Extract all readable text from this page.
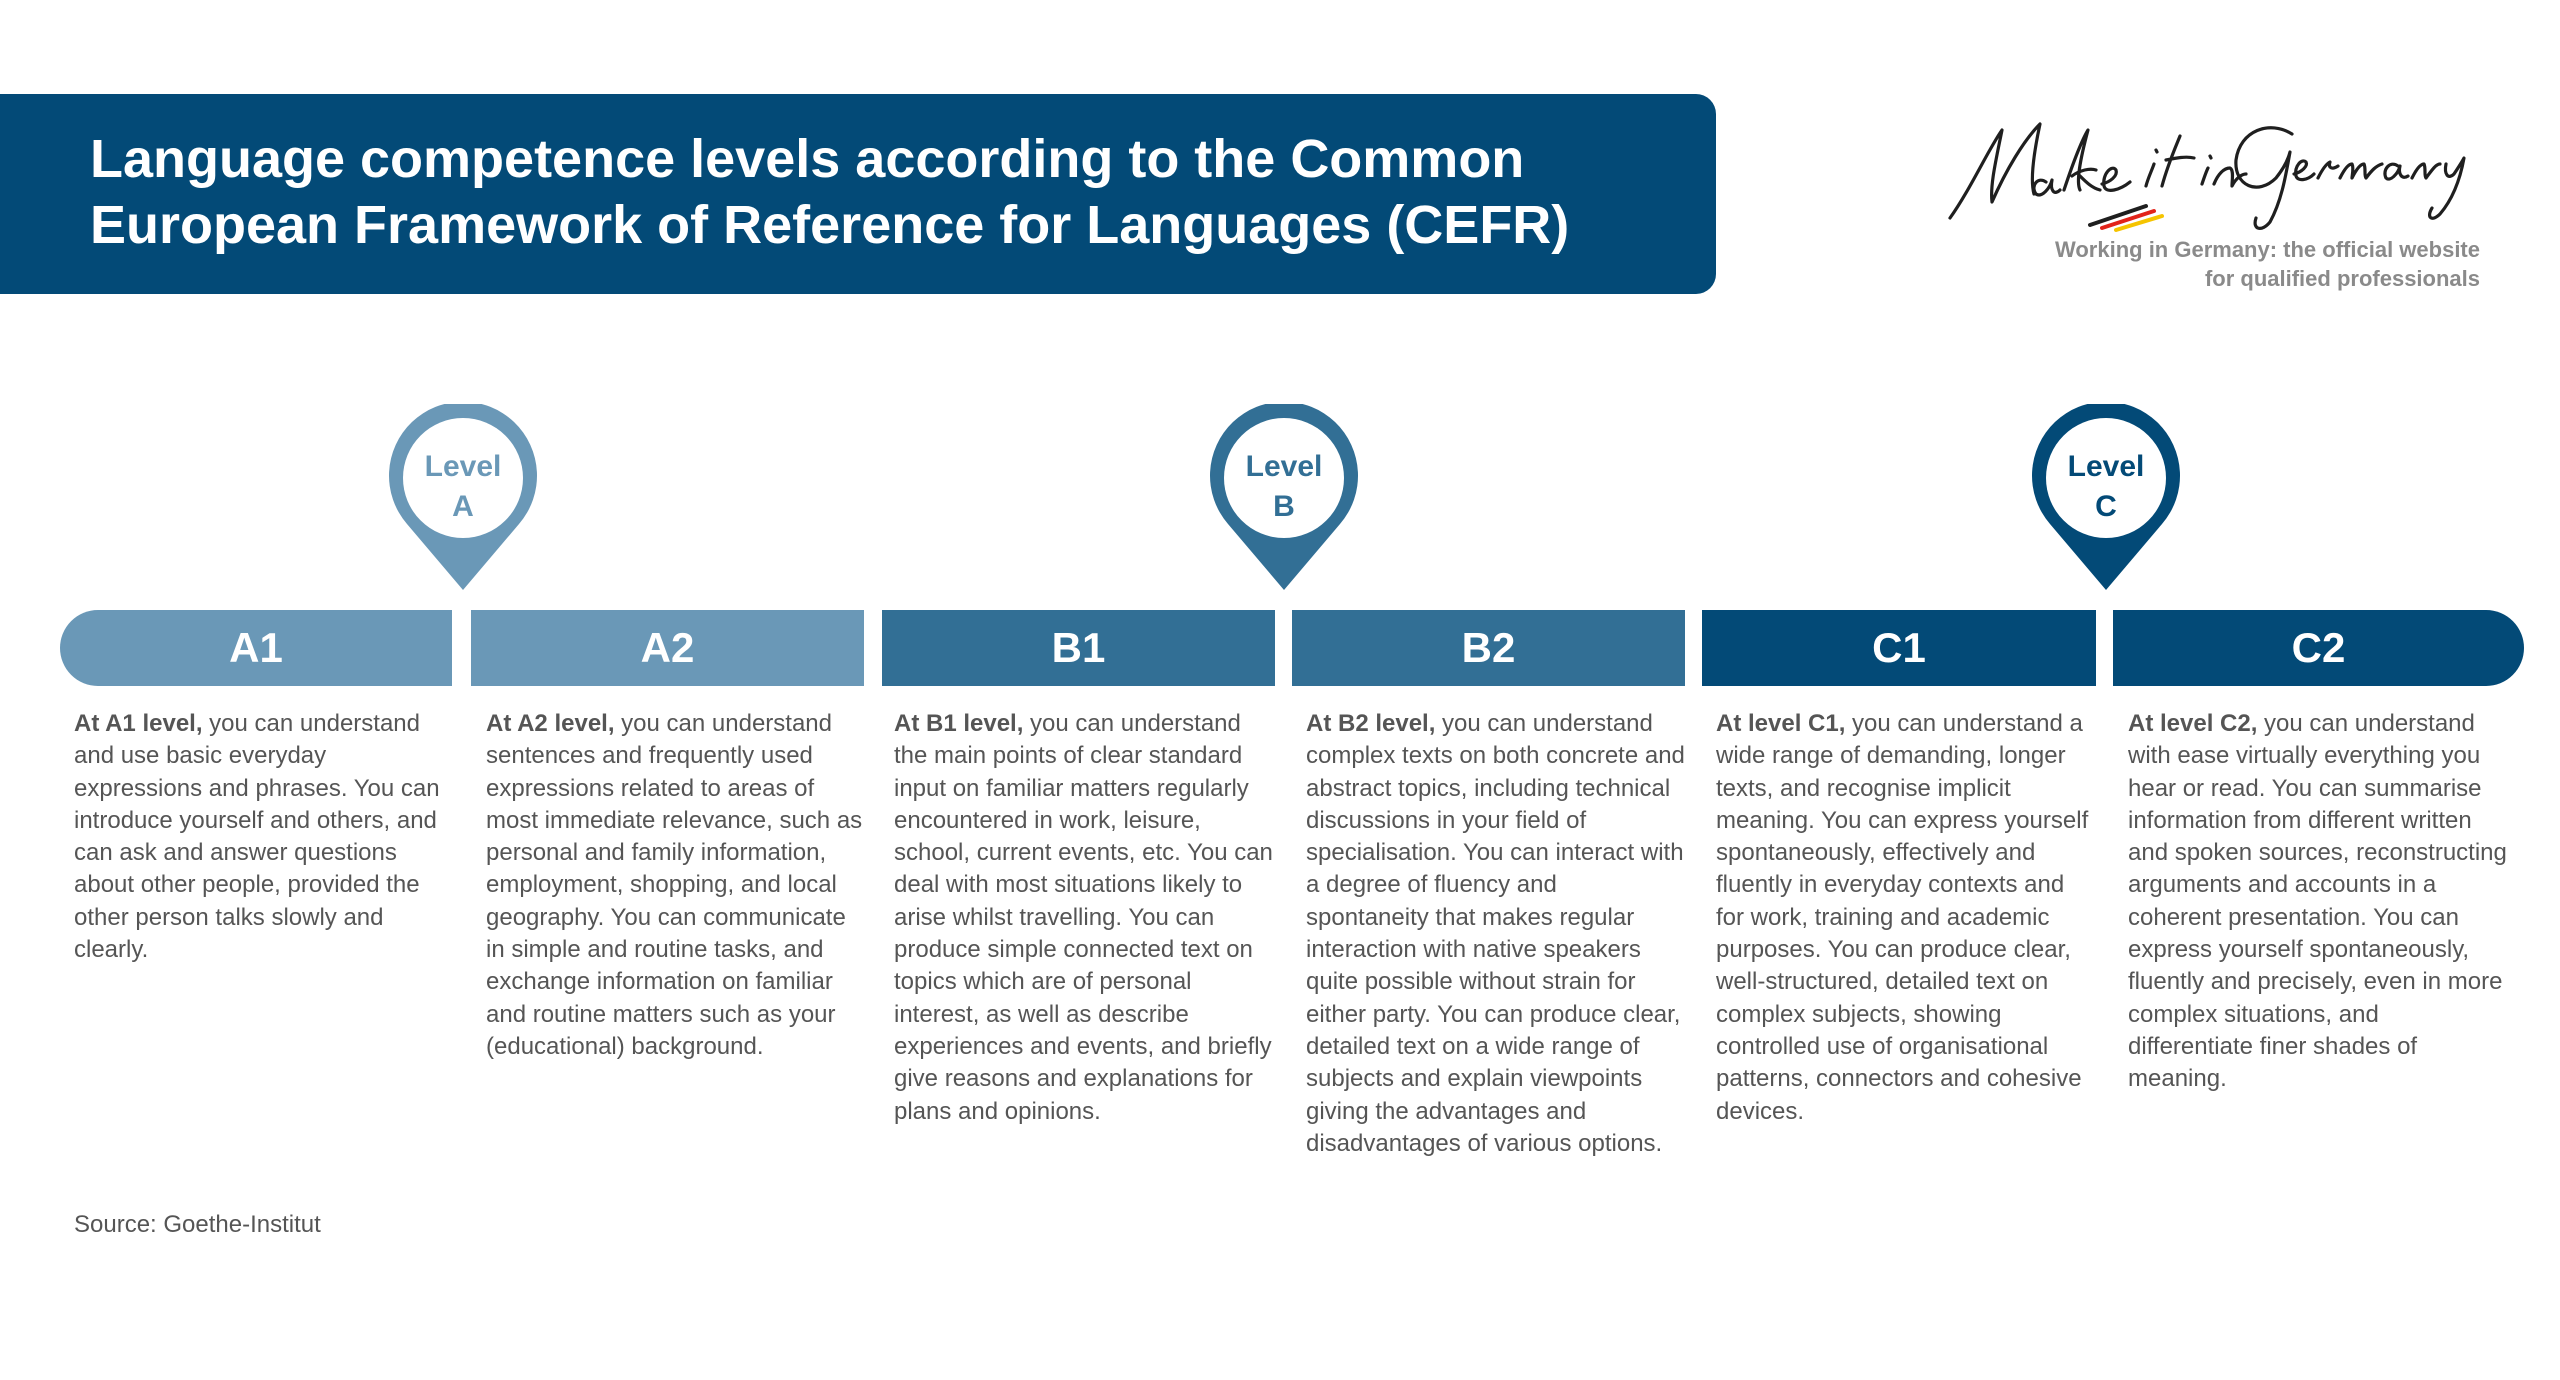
Language competence levels according to the Common
European Framework of Reference for Languages (CEFR)	Working in Germany: the official website
for qualified professionals
Level
A
Level
B
Level
C
A1	A2	B1	B2	C1	C2
At A1 level, you can understand and use basic everyday expressions and phrases. You can introduce yourself and others, and can ask and answer questions about other people, provided the other person talks slowly and clearly.
At A2 level, you can understand sentences and frequently used expressions related to areas of most immediate relevance, such as personal and family information, employment, shopping, and local geography. You can communicate in simple and routine tasks, and exchange information on familiar and routine matters such as your (educational) background.
At B1 level, you can understand the main points of clear standard input on familiar matters regularly encountered in work, leisure, school, current events, etc. You can deal with most situations likely to arise whilst travelling. You can produce simple connected text on topics which are of personal interest, as well as describe experiences and events, and briefly give reasons and explanations for plans and opinions.
At B2 level, you can understand complex texts on both concrete and abstract topics, including technical discussions in your field of specialisation. You can interact with a degree of fluency and spontaneity that makes regular interaction with native speakers quite possible without strain for either party. You can produce clear, detailed text on a wide range of subjects and explain viewpoints giving the advantages and disadvantages of various options.
At level C1, you can understand a wide range of demanding, longer texts, and recognise implicit meaning. You can express yourself spontaneously, effectively and fluently in everyday contexts and for work, training and academic purposes. You can produce clear, well-structured, detailed text on complex subjects, showing controlled use of organisational patterns, connectors and cohesive devices.
At level C2, you can understand with ease virtually everything you hear or read. You can summarise information from different written and spoken sources, reconstructing arguments and accounts in a coherent presentation. You can express yourself spontaneously, fluently and precisely, even in more complex situations, and differentiate finer shades of meaning.
Source: Goethe-Institut
